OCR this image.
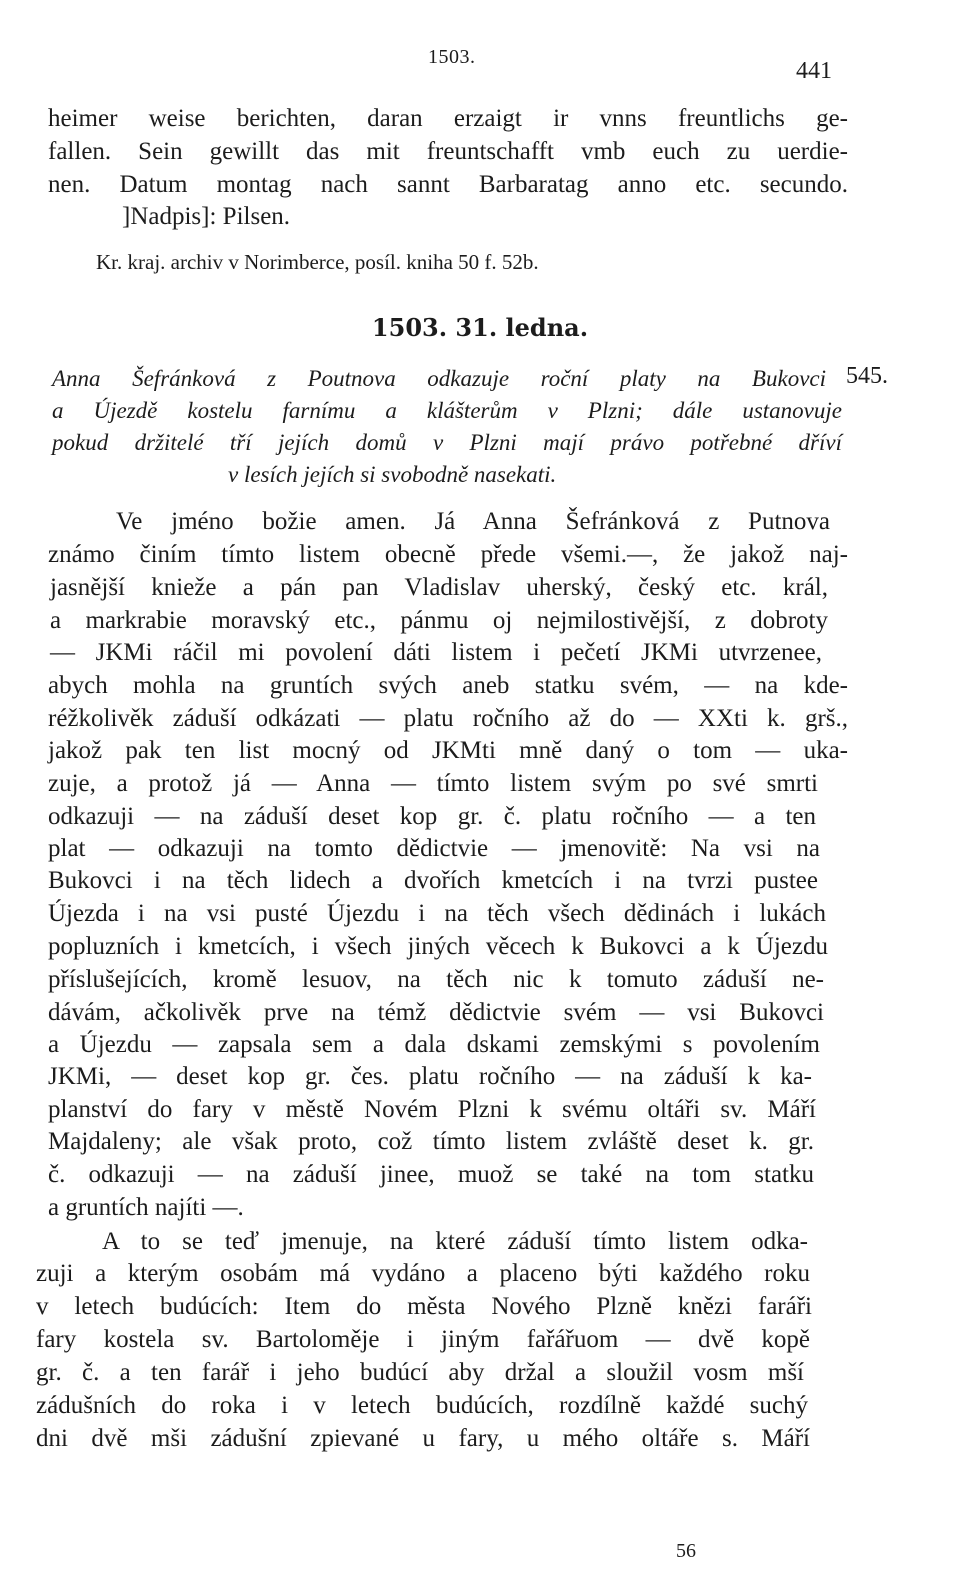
1503.
441
heimer weise berichten, daran erzaigt ir vnns freuntlichs ge-
fallen. Sein gewillt das mit freuntschafft vmb euch zu uerdie-
nen. Datum montag nach sannt Barbaratag anno etc. secundo.
]Nadpis]: Pilsen.
Kr. kraj. archiv v Norimberce, posíl. kniha 50 f. 52b.
1503. 31. ledna.
545.
Anna Šefránková z Poutnova odkazuje roční platy na Bukovci
a Újezdě kostelu farnímu a klášterům v Plzni; dále ustanovuje
pokud držitelé tří jejích domů v Plzni mají právo potřebné dříví
v lesích jejích si svobodně nasekati.
Ve jméno božie amen. Já Anna Šefránková z Putnova
známo činím tímto listem obecně přede všemi.—, že jakož naj-
jasnější knieže a pán pan Vladislav uherský, český etc. král,
a markrabie moravský etc., pánmu oj nejmilostivější, z dobroty
— JKMi ráčil mi povolení dáti listem i pečetí JKMi utvrzenee,
abych mohla na gruntích svých aneb statku svém, — na kde-
réžkolivěk záduší odkázati — platu ročního až do — XXti k. grš.,
jakož pak ten list mocný od JKMti mně daný o tom — uka-
zuje, a protož já — Anna — tímto listem svým po své smrti
odkazuji — na záduší deset kop gr. č. platu ročního — a ten
plat — odkazuji na tomto dědictvie — jmenovitě: Na vsi na
Bukovci i na těch lidech a dvořích kmetcích i na tvrzi pustee
Újezda i na vsi pusté Újezdu i na těch všech dědinách i lukách
popluzních i kmetcích, i všech jiných věcech k Bukovci a k Újezdu
příslušejících, kromě lesuov, na těch nic k tomuto záduší ne-
dávám, ačkolivěk prve na témž dědictvie svém — vsi Bukovci
a Újezdu — zapsala sem a dala dskami zemskými s povolením
JKMi, — deset kop gr. čes. platu ročního — na záduší k ka-
planství do fary v městě Novém Plzni k svému oltáři sv. Máří
Majdaleny; ale však proto, což tímto listem zvláště deset k. gr.
č. odkazuji — na záduší jinee, muož se také na tom statku
a gruntích najíti —.
A to se teď jmenuje, na které záduší tímto listem odka-
zuji a kterým osobám má vydáno a placeno býti každého roku
v letech budúcích: Item do města Nového Plzně knězi faráři
fary kostela sv. Bartoloměje i jiným fařářuom — dvě kopě
gr. č. a ten farář i jeho budúcí aby držal a sloužil vosm mší
zádušních do roka i v letech budúcích, rozdílně každé suchý
dni dvě mši zádušní zpievané u fary, u mého oltáře s. Máří
56
